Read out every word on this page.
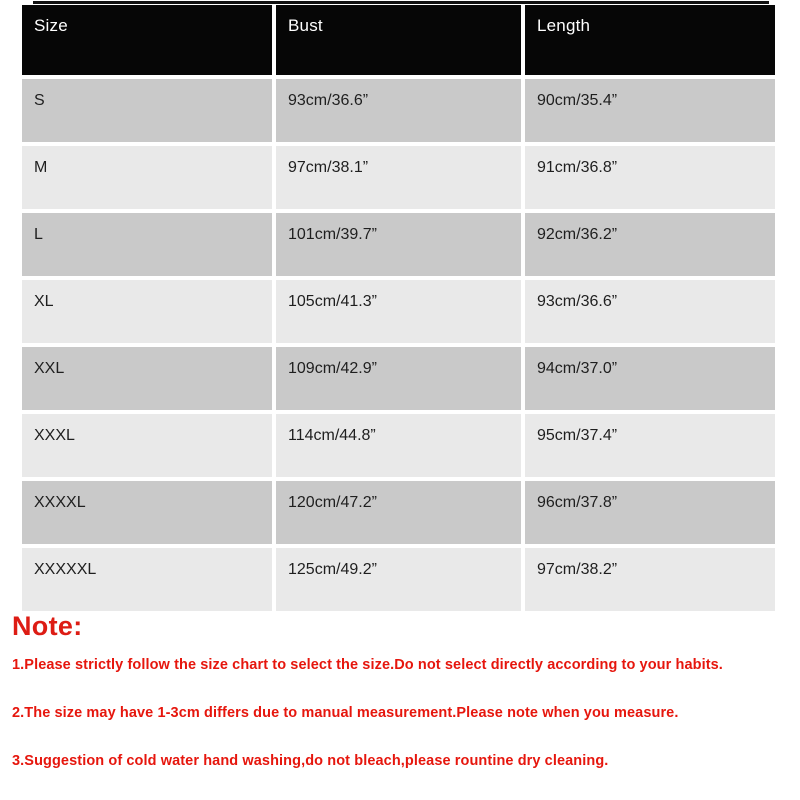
Size	Bust	Length
S	93cm/36.6”	90cm/35.4”
M	97cm/38.1”	91cm/36.8”
L	101cm/39.7”	92cm/36.2”
XL	105cm/41.3”	93cm/36.6”
XXL	109cm/42.9”	94cm/37.0”
XXXL	114cm/44.8”	95cm/37.4”
XXXXL	120cm/47.2”	96cm/37.8”
XXXXXL	125cm/49.2”	97cm/38.2”
Note:

1.Please strictly follow the size chart to select the size.Do not select directly according to your habits.

2.The size may have 1-3cm differs due to manual measurement.Please note when you measure.

3.Suggestion of cold water hand washing,do not bleach,please rountine dry cleaning.
